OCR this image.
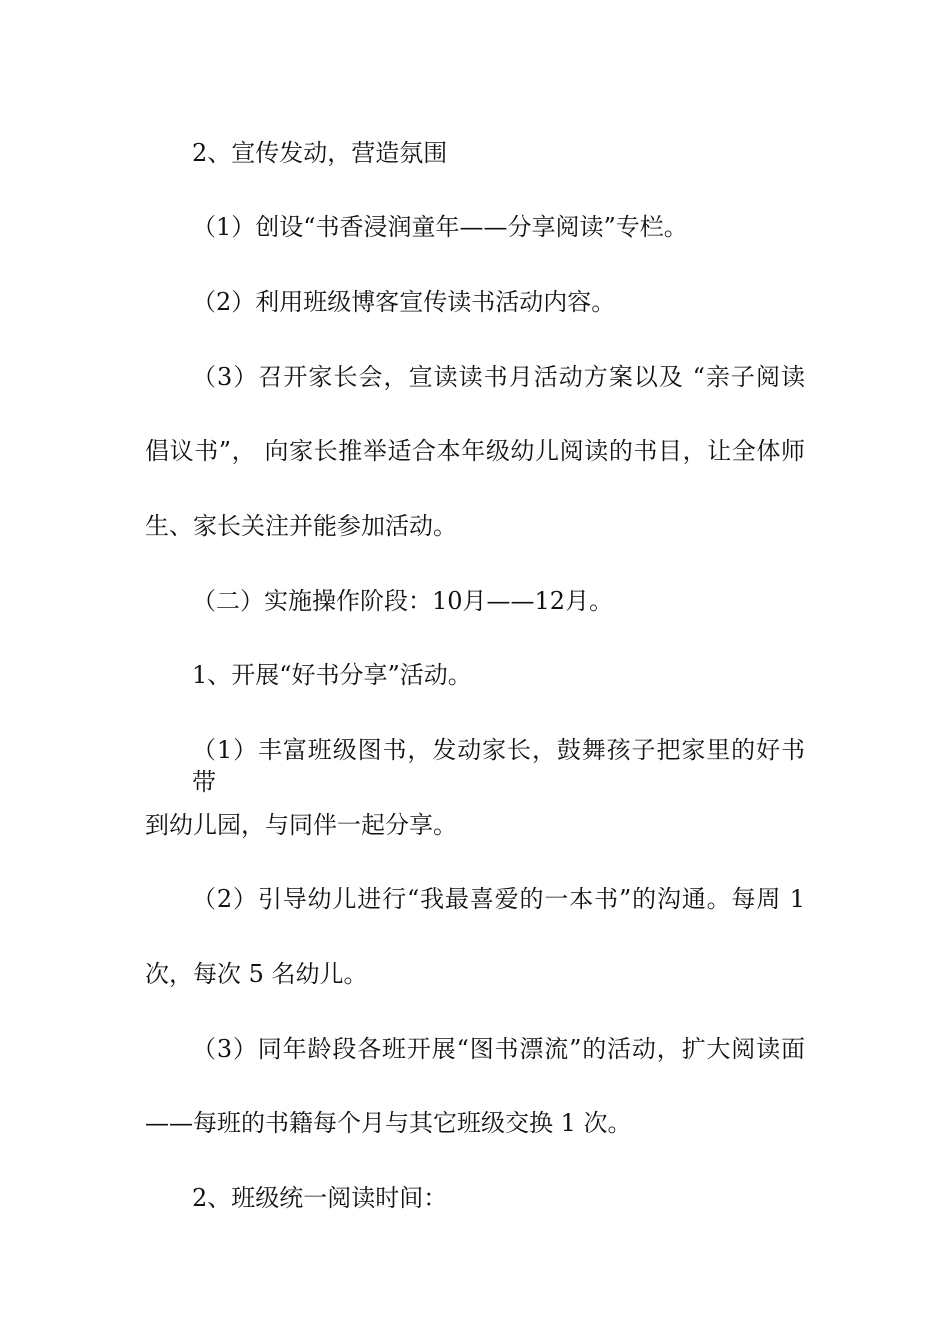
2、宣传发动，营造氛围
（1）创设“书香浸润童年——分享阅读”专栏。
（2）利用班级博客宣传读书活动内容。
（3）召开家长会，宣读读书月活动方案以及 “亲子阅读
倡议书”， 向家长推举适合本年级幼儿阅读的书目，让全体师
生、家长关注并能参加活动。
（二）实施操作阶段：10月——12月。
1、开展“好书分享”活动。
（1）丰富班级图书，发动家长，鼓舞孩子把家里的好书带
到幼儿园，与同伴一起分享。
（2）引导幼儿进行“我最喜爱的一本书”的沟通。每周 1
次，每次 5 名幼儿。
（3）同年龄段各班开展“图书漂流”的活动，扩大阅读面
——每班的书籍每个月与其它班级交换 1 次。
2、班级统一阅读时间：
